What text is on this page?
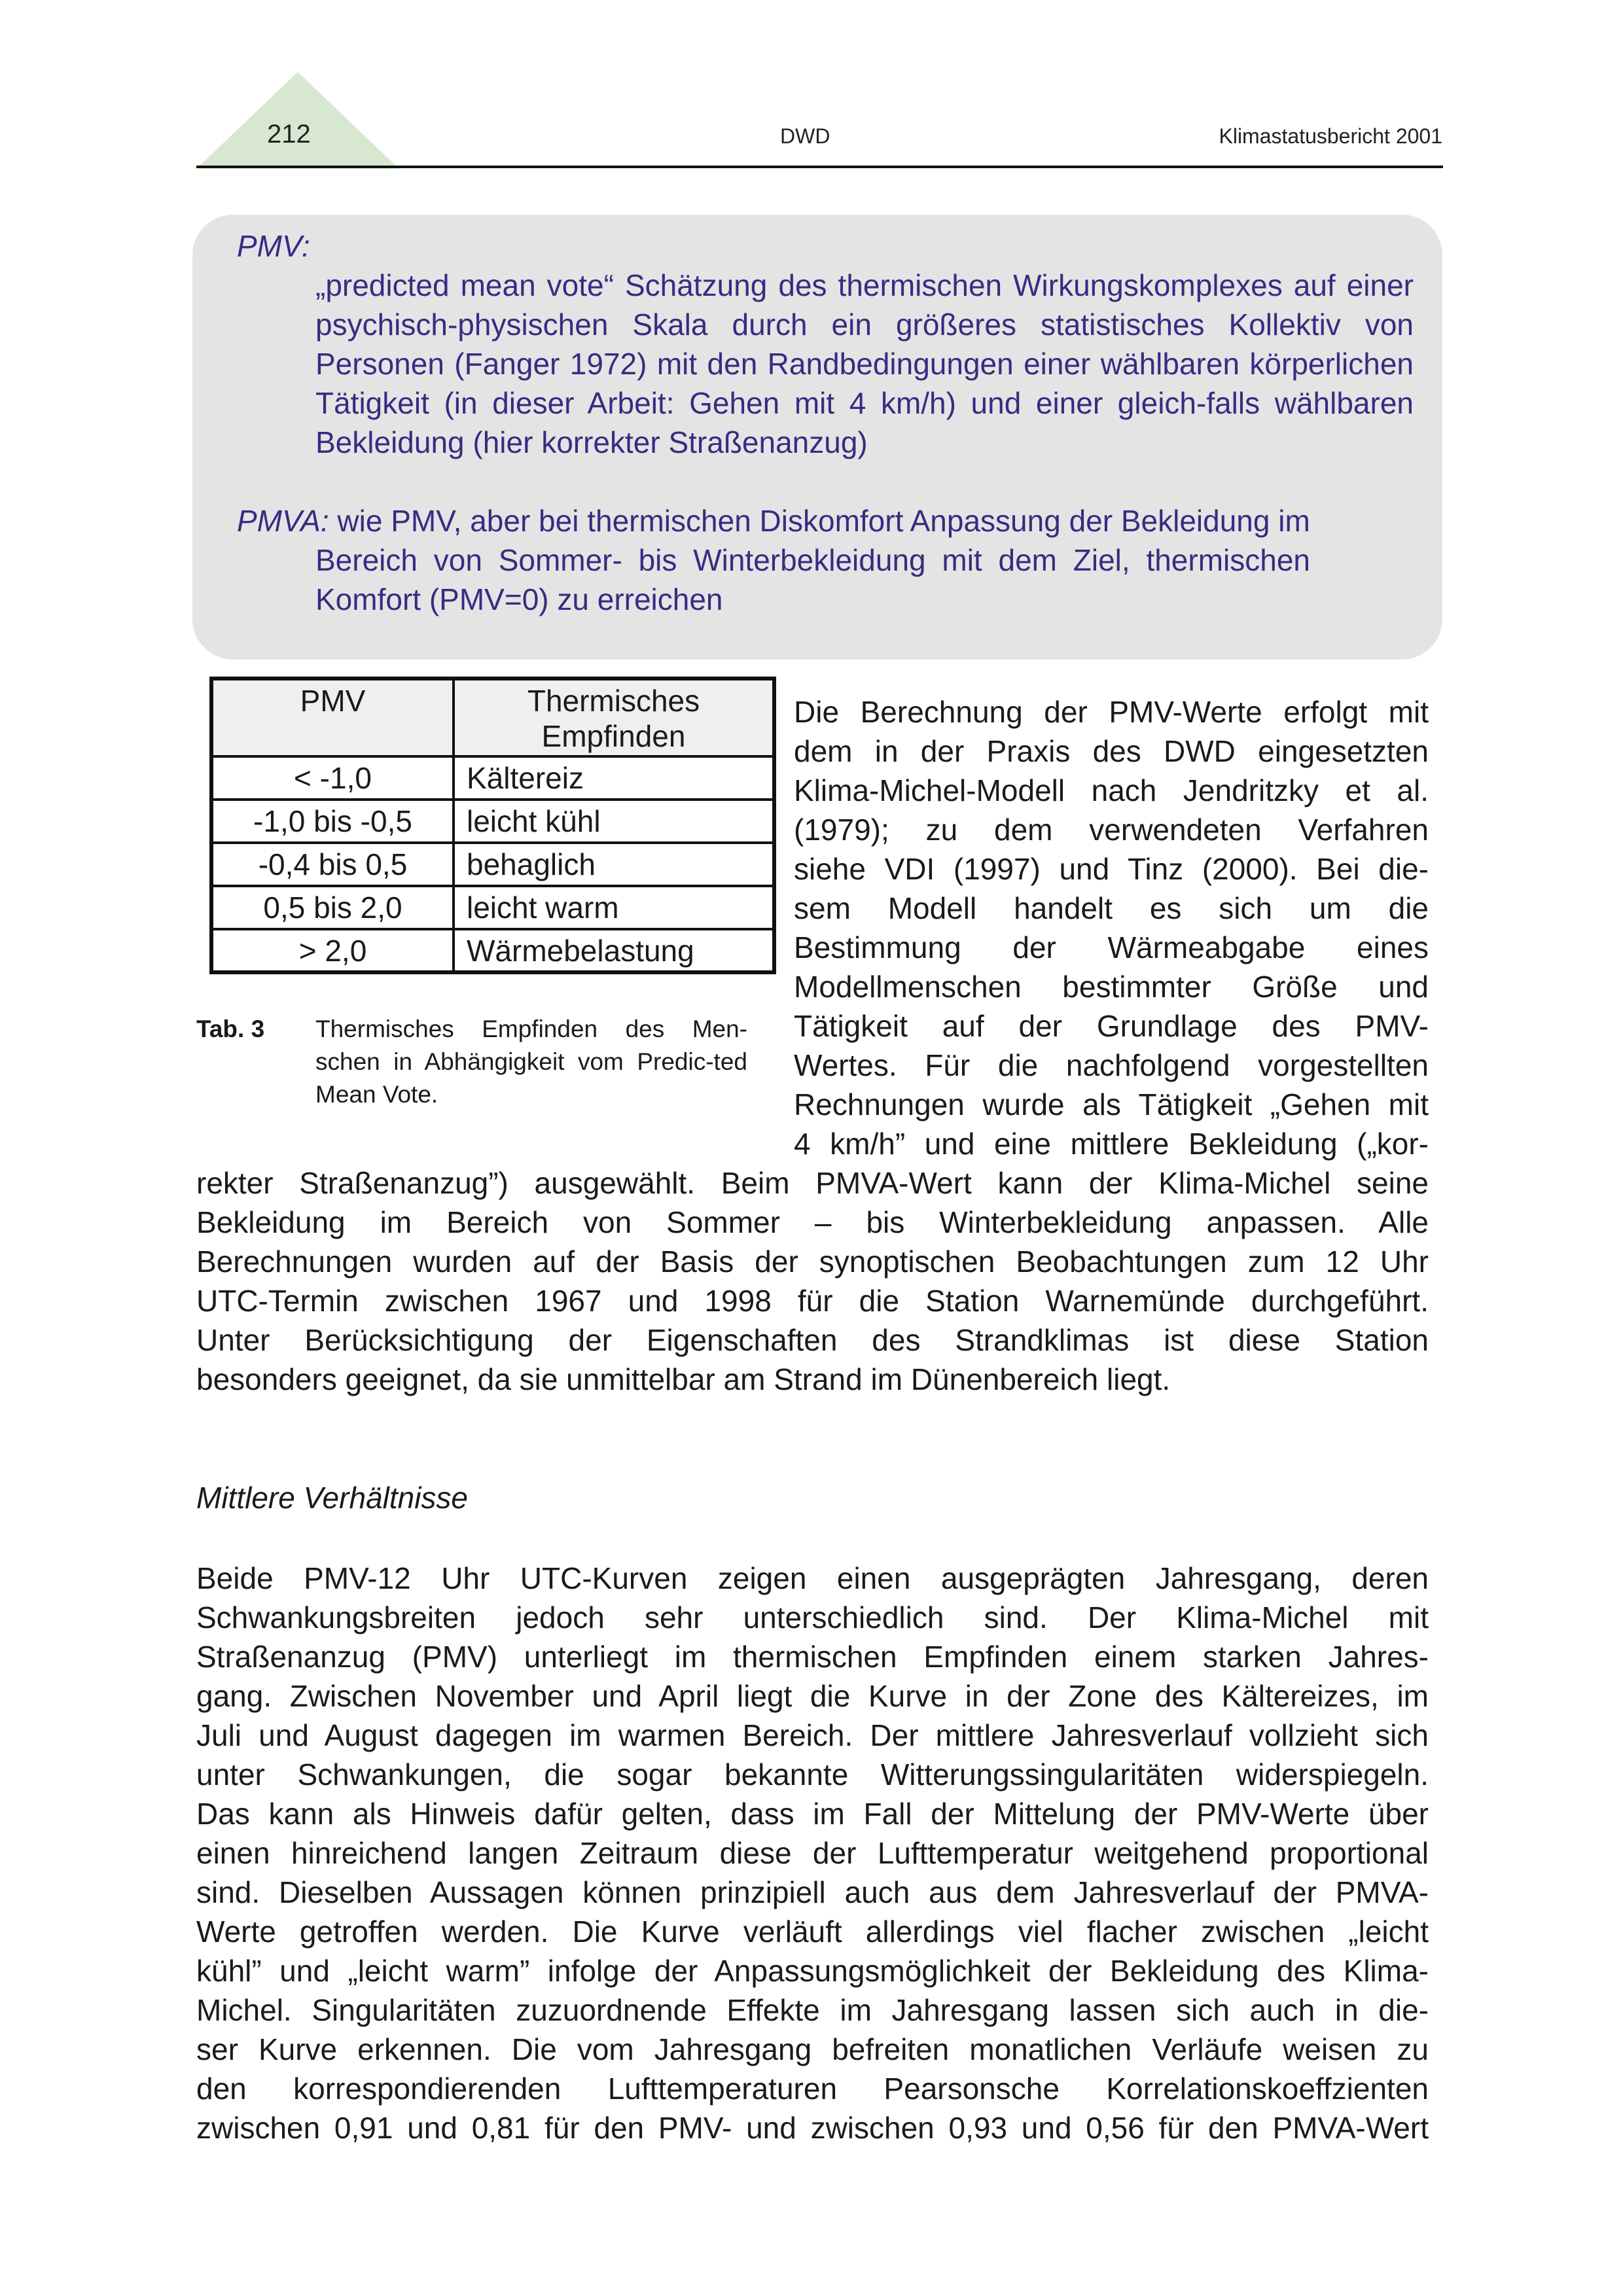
212	DWD	Klimastatusbericht 2001
PMV:
„predicted mean vote“ Schätzung des thermischen Wirkungskomplexes auf einer psychisch-physischen Skala durch ein größeres statistisches Kollektiv von Personen (Fanger 1972) mit den Randbedingungen einer wählbaren körperlichen Tätigkeit (in dieser Arbeit: Gehen mit 4 km/h) und einer gleich-falls wählbaren Bekleidung (hier korrekter Straßenanzug)
PMVA: wie PMV, aber bei thermischen Diskomfort Anpassung der Bekleidung im
Bereich von Sommer- bis Winterbekleidung mit dem Ziel, thermischen Komfort (PMV=0) zu erreichen
PMV	Thermisches Empfinden
< -1,0	Kältereiz
-1,0 bis -0,5	leicht kühl
-0,4 bis 0,5	behaglich
0,5 bis 2,0	leicht warm
> 2,0	Wärmebelastung
Tab. 3 Thermisches Empfinden des Men-schen in Abhängigkeit vom Predic-ted Mean Vote.
Die Berechnung der PMV-Werte erfolgt mit
dem in der Praxis des DWD eingesetzten
Klima-Michel-Modell nach Jendritzky et al.
(1979); zu dem verwendeten Verfahren
siehe VDI (1997) und Tinz (2000). Bei die-
sem Modell handelt es sich um die
Bestimmung der Wärmeabgabe eines
Modellmenschen bestimmter Größe und
Tätigkeit auf der Grundlage des PMV-
Wertes. Für die nachfolgend vorgestellten
Rechnungen wurde als Tätigkeit „Gehen mit
4 km/h” und eine mittlere Bekleidung („kor-
rekter Straßenanzug”) ausgewählt. Beim PMVA-Wert kann der Klima-Michel seine
Bekleidung im Bereich von Sommer – bis Winterbekleidung anpassen. Alle
Berechnungen wurden auf der Basis der synoptischen Beobachtungen zum 12 Uhr
UTC-Termin zwischen 1967 und 1998 für die Station Warnemünde durchgeführt.
Unter Berücksichtigung der Eigenschaften des Strandklimas ist diese Station
besonders geeignet, da sie unmittelbar am Strand im Dünenbereich liegt.
Mittlere Verhältnisse
Beide PMV-12 Uhr UTC-Kurven zeigen einen ausgeprägten Jahresgang, deren
Schwankungsbreiten jedoch sehr unterschiedlich sind. Der Klima-Michel mit
Straßenanzug (PMV) unterliegt im thermischen Empfinden einem starken Jahres-
gang. Zwischen November und April liegt die Kurve in der Zone des Kältereizes, im
Juli und August dagegen im warmen Bereich. Der mittlere Jahresverlauf vollzieht sich
unter Schwankungen, die sogar bekannte Witterungssingularitäten widerspiegeln.
Das kann als Hinweis dafür gelten, dass im Fall der Mittelung der PMV-Werte über
einen hinreichend langen Zeitraum diese der Lufttemperatur weitgehend proportional
sind. Dieselben Aussagen können prinzipiell auch aus dem Jahresverlauf der PMVA-
Werte getroffen werden. Die Kurve verläuft allerdings viel flacher zwischen „leicht
kühl” und „leicht warm” infolge der Anpassungsmöglichkeit der Bekleidung des Klima-
Michel. Singularitäten zuzuordnende Effekte im Jahresgang lassen sich auch in die-
ser Kurve erkennen. Die vom Jahresgang befreiten monatlichen Verläufe weisen zu
den korrespondierenden Lufttemperaturen Pearsonsche Korrelationskoeffzienten
zwischen 0,91 und 0,81 für den PMV- und zwischen 0,93 und 0,56 für den PMVA-Wert
